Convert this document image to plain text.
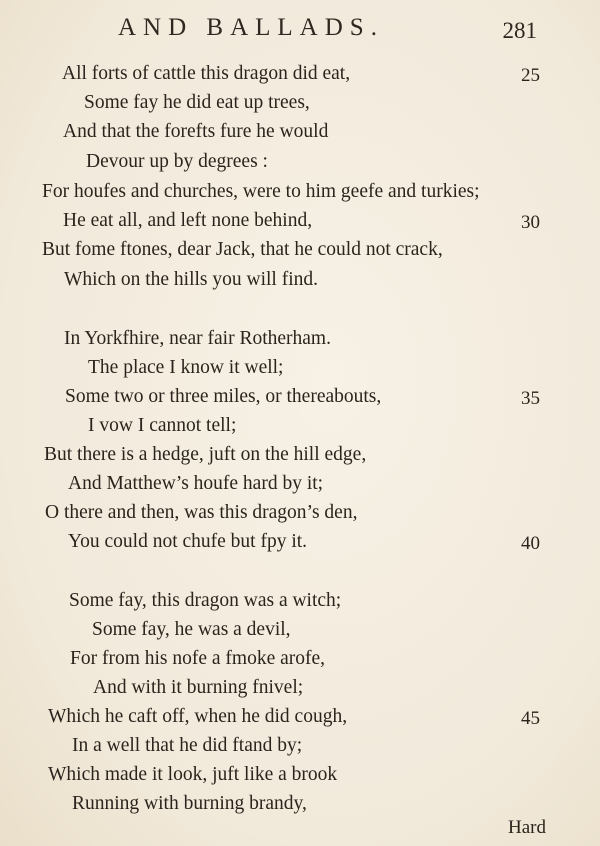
AND BALLADS.	281
All forts of cattle this dragon did eat,
Some fay he did eat up trees,
And that the forefts fure he would
Devour up by degrees :
For houfes and churches, were to him geefe and turkies;
He eat all, and left none behind,
But fome ftones, dear Jack, that he could not crack,
Which on the hills you will find.
25
30
In Yorkfhire, near fair Rotherham.
The place I know it well;
Some two or three miles, or thereabouts,
I vow I cannot tell;
But there is a hedge, juft on the hill edge,
And Matthew’s houfe hard by it;
O there and then, was this dragon’s den,
You could not chufe but fpy it.
35
40
Some fay, this dragon was a witch;
Some fay, he was a devil,
For from his nofe a fmoke arofe,
And with it burning fnivel;
Which he caft off, when he did cough,
In a well that he did ftand by;
Which made it look, juft like a brook
Running with burning brandy,
45
Hard
